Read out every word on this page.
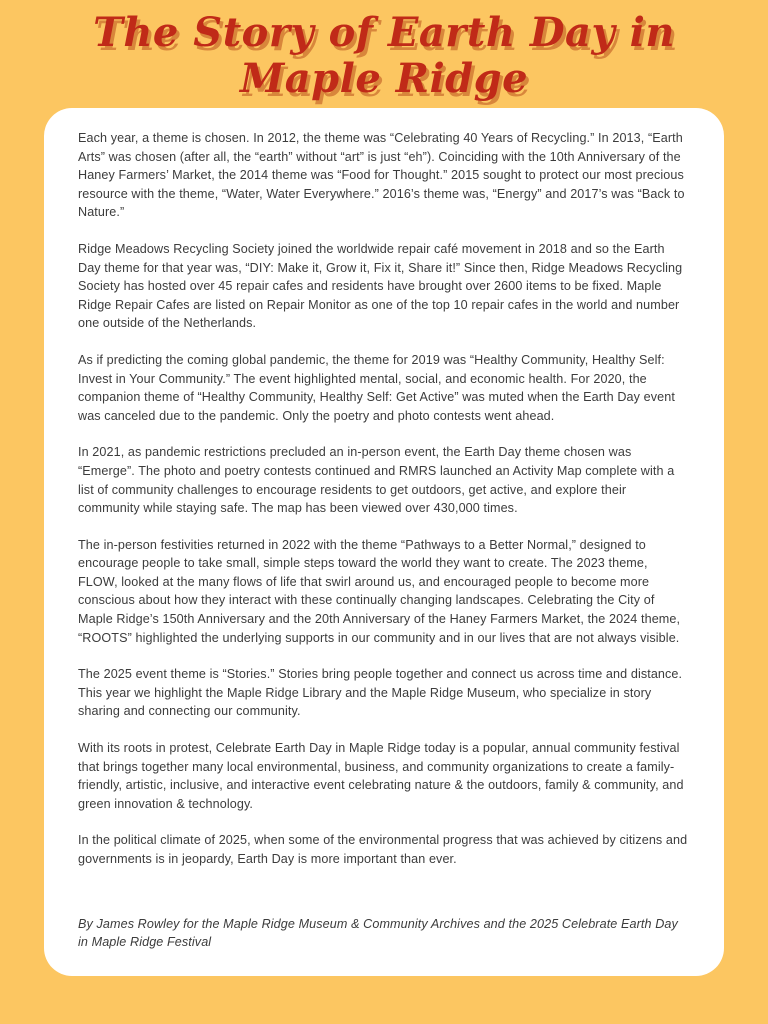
The Story of Earth Day in
Maple Ridge

Each year, a theme is chosen. In 2012, the theme was “Celebrating 40 Years of Recycling.” In 2013, “Earth Arts” was chosen (after all, the “earth” without “art” is just “eh”). Coinciding with the 10th Anniversary of the Haney Farmers’ Market, the 2014 theme was “Food for Thought.” 2015 sought to protect our most precious resource with the theme, “Water, Water Everywhere.” 2016’s theme was, “Energy” and 2017’s was “Back to Nature.”

Ridge Meadows Recycling Society joined the worldwide repair café movement in 2018 and so the Earth Day theme for that year was, “DIY: Make it, Grow it, Fix it, Share it!” Since then, Ridge Meadows Recycling Society has hosted over 45 repair cafes and residents have brought over 2600 items to be fixed. Maple Ridge Repair Cafes are listed on Repair Monitor as one of the top 10 repair cafes in the world and number one outside of the Netherlands.

As if predicting the coming global pandemic, the theme for 2019 was “Healthy Community, Healthy Self: Invest in Your Community.” The event highlighted mental, social, and economic health. For 2020, the companion theme of “Healthy Community, Healthy Self: Get Active” was muted when the Earth Day event was canceled due to the pandemic. Only the poetry and photo contests went ahead.

In 2021, as pandemic restrictions precluded an in-person event, the Earth Day theme chosen was “Emerge”. The photo and poetry contests continued and RMRS launched an Activity Map complete with a list of community challenges to encourage residents to get outdoors, get active, and explore their community while staying safe. The map has been viewed over 430,000 times.

The in-person festivities returned in 2022 with the theme “Pathways to a Better Normal,” designed to encourage people to take small, simple steps toward the world they want to create. The 2023 theme, FLOW, looked at the many flows of life that swirl around us, and encouraged people to become more conscious about how they interact with these continually changing landscapes. Celebrating the City of Maple Ridge’s 150th Anniversary and the 20th Anniversary of the Haney Farmers Market, the 2024 theme, “ROOTS” highlighted the underlying supports in our community and in our lives that are not always visible.

The 2025 event theme is “Stories.” Stories bring people together and connect us across time and distance. This year we highlight the Maple Ridge Library and the Maple Ridge Museum, who specialize in story sharing and connecting our community.

With its roots in protest, Celebrate Earth Day in Maple Ridge today is a popular, annual community festival that brings together many local environmental, business, and community organizations to create a family-friendly, artistic, inclusive, and interactive event celebrating nature & the outdoors, family & community, and green innovation & technology.

In the political climate of 2025, when some of the environmental progress that was achieved by citizens and governments is in jeopardy, Earth Day is more important than ever.

By James Rowley for the Maple Ridge Museum & Community Archives and the 2025 Celebrate Earth Day in Maple Ridge Festival
